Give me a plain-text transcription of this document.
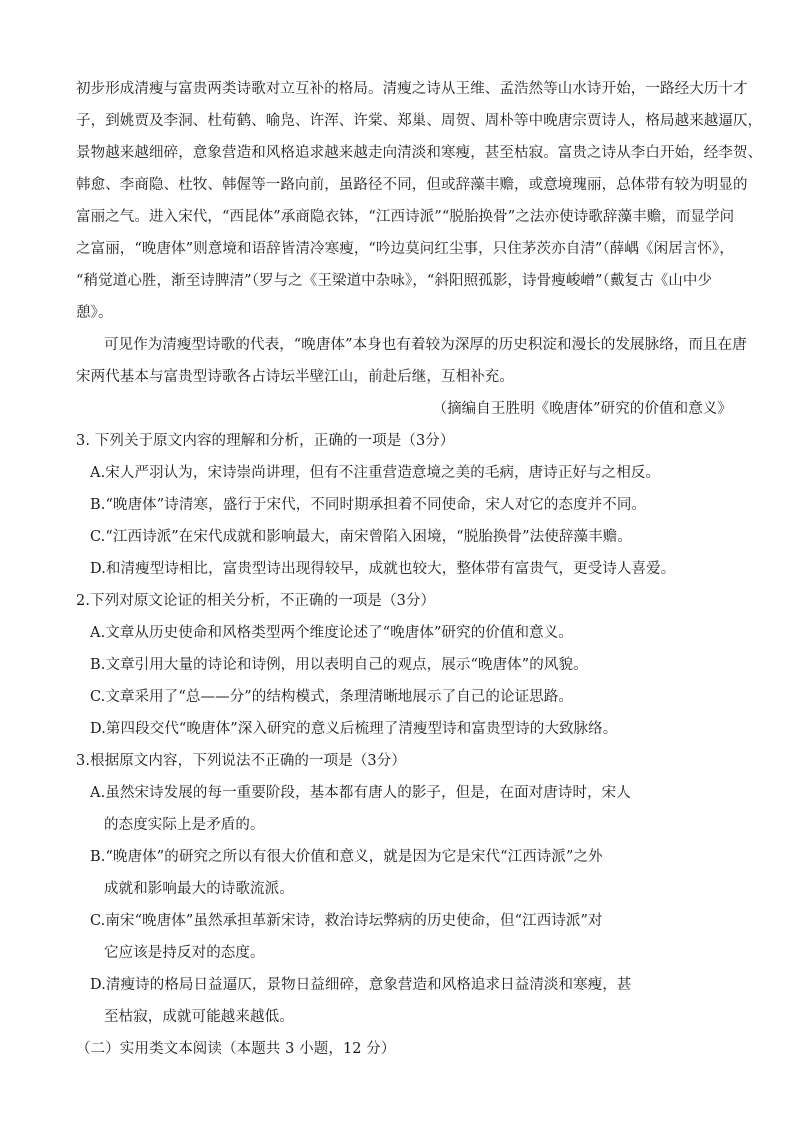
初步形成清瘦与富贵两类诗歌对立互补的格局。清瘦之诗从王维、孟浩然等山水诗开始，一路经大历十才
子，到姚贾及李洞、杜荀鹤、喻凫、许浑、许棠、郑巢、周贺、周朴等中晚唐宗贾诗人，格局越来越逼仄，
景物越来越细碎，意象营造和风格追求越来越走向清淡和寒瘦，甚至枯寂。富贵之诗从李白开始，经李贺、
韩愈、李商隐、杜牧、韩偓等一路向前，虽路径不同，但或辞藻丰赡，或意境瑰丽，总体带有较为明显的
富丽之气。进入宋代，“西昆体”承商隐衣钵，“江西诗派”“脱胎换骨”之法亦使诗歌辞藻丰赡，而显学问
之富丽，“晚唐体”则意境和语辞皆清冷寒瘦，“吟边莫问红尘事，只住茅茨亦自清”（薛嵎《闲居言怀》，
“稍觉道心胜，渐至诗脾清”（罗与之《王梁道中杂咏》，“斜阳照孤影，诗骨瘦峻嶒”（戴复古《山中少
憩》。
可见作为清瘦型诗歌的代表，“晚唐体”本身也有着较为深厚的历史积淀和漫长的发展脉络，而且在唐
宋两代基本与富贵型诗歌各占诗坛半壁江山，前赴后继，互相补充。
（摘编自王胜明《晚唐体”研究的价值和意义》
3. 下列关于原文内容的理解和分析，正确的一项是（3分）
A.宋人严羽认为，宋诗崇尚讲理，但有不注重营造意境之美的毛病，唐诗正好与之相反。
B.“晚唐体”诗清寒，盛行于宋代，不同时期承担着不同使命，宋人对它的态度并不同。
C.“江西诗派”在宋代成就和影响最大，南宋曾陷入困境，“脱胎换骨”法使辞藻丰赡。
D.和清瘦型诗相比，富贵型诗出现得较早，成就也较大，整体带有富贵气，更受诗人喜爱。
2.下列对原文论证的相关分析，不正确的一项是（3分）
A.文章从历史使命和风格类型两个维度论述了“晚唐体”研究的价值和意义。
B.文章引用大量的诗论和诗例，用以表明自己的观点，展示“晚唐体”的风貌。
C.文章采用了“总——分”的结构模式，条理清晰地展示了自己的论证思路。
D.第四段交代“晚唐体”深入研究的意义后梳理了清瘦型诗和富贵型诗的大致脉络。
3.根据原文内容，下列说法不正确的一项是（3分）
A.虽然宋诗发展的每一重要阶段，基本都有唐人的影子，但是，在面对唐诗时，宋人
的态度实际上是矛盾的。
B.“晚唐体”的研究之所以有很大价值和意义，就是因为它是宋代“江西诗派”之外
成就和影响最大的诗歌流派。
C.南宋“晚唐体”虽然承担革新宋诗，救治诗坛弊病的历史使命，但“江西诗派”对
它应该是持反对的态度。
D.清瘦诗的格局日益逼仄，景物日益细碎，意象营造和风格追求日益清淡和寒瘦，甚
至枯寂，成就可能越来越低。
（二）实用类文本阅读（本题共 3 小题，12 分）
